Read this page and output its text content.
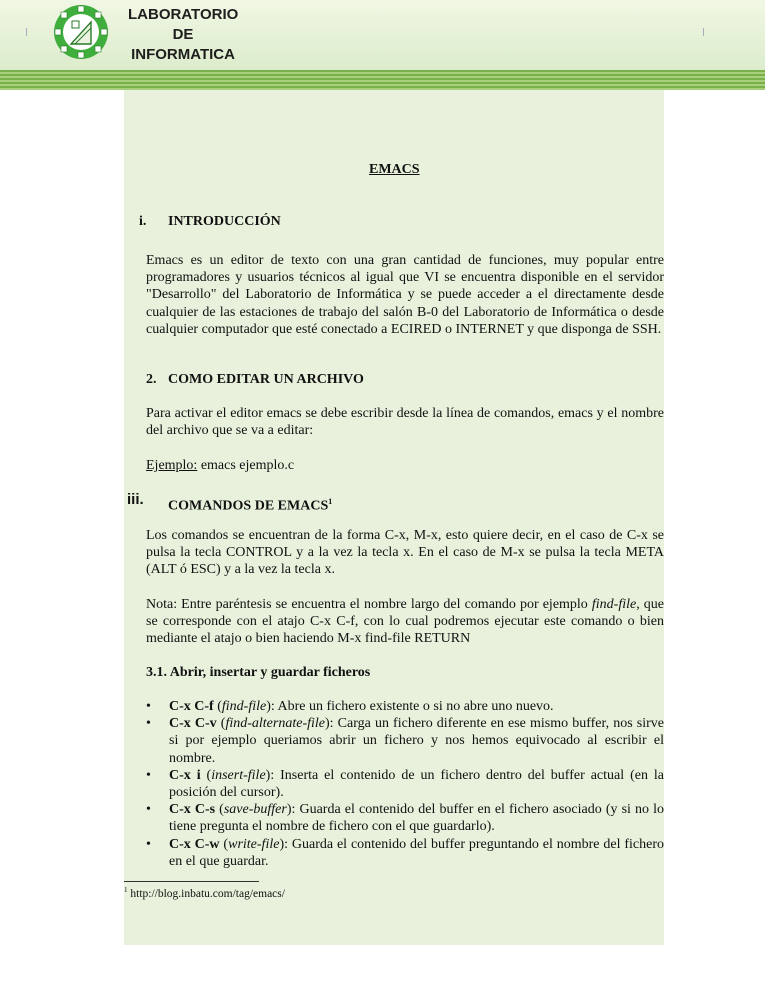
LABORATORIO
DE
INFORMATICA
EMACS
i. INTRODUCCIÓN
Emacs es un editor de texto con una gran cantidad de funciones, muy popular entre programadores y usuarios técnicos al igual que VI se encuentra disponible en el servidor "Desarrollo" del Laboratorio de Informática y se puede acceder a el directamente desde cualquier de las estaciones de trabajo del salón B-0 del Laboratorio de Informática o desde cualquier computador que esté conectado a ECIRED o INTERNET y que disponga de SSH.
2. COMO EDITAR UN ARCHIVO
Para activar el editor emacs se debe escribir desde la línea de comandos, emacs y el nombre del archivo que se va a editar:
Ejemplo: emacs ejemplo.c
iii. COMANDOS DE EMACS$^1$
Los comandos se encuentran de la forma C-x, M-x, esto quiere decir, en el caso de C-x se pulsa la tecla CONTROL y a la vez la tecla x. En el caso de M-x se pulsa la tecla META (ALT ó ESC) y a la vez la tecla x.
Nota: Entre paréntesis se encuentra el nombre largo del comando por ejemplo find-file, que se corresponde con el atajo C-x C-f, con lo cual podremos ejecutar este comando o bien mediante el atajo o bien haciendo M-x find-file RETURN
3.1. Abrir, insertar y guardar ficheros
• C-x C-f (find-file): Abre un fichero existente o si no abre uno nuevo.
• C-x C-v (find-alternate-file): Carga un fichero diferente en ese mismo buffer, nos sirve si por ejemplo queriamos abrir un fichero y nos hemos equivocado al escribir el nombre.
• C-x i (insert-file): Inserta el contenido de un fichero dentro del buffer actual (en la posición del cursor).
• C-x C-s (save-buffer): Guarda el contenido del buffer en el fichero asociado (y si no lo tiene pregunta el nombre de fichero con el que guardarlo).
• C-x C-w (write-file): Guarda el contenido del buffer preguntando el nombre del fichero en el que guardar.
$^1$ http://blog.inbatu.com/tag/emacs/
